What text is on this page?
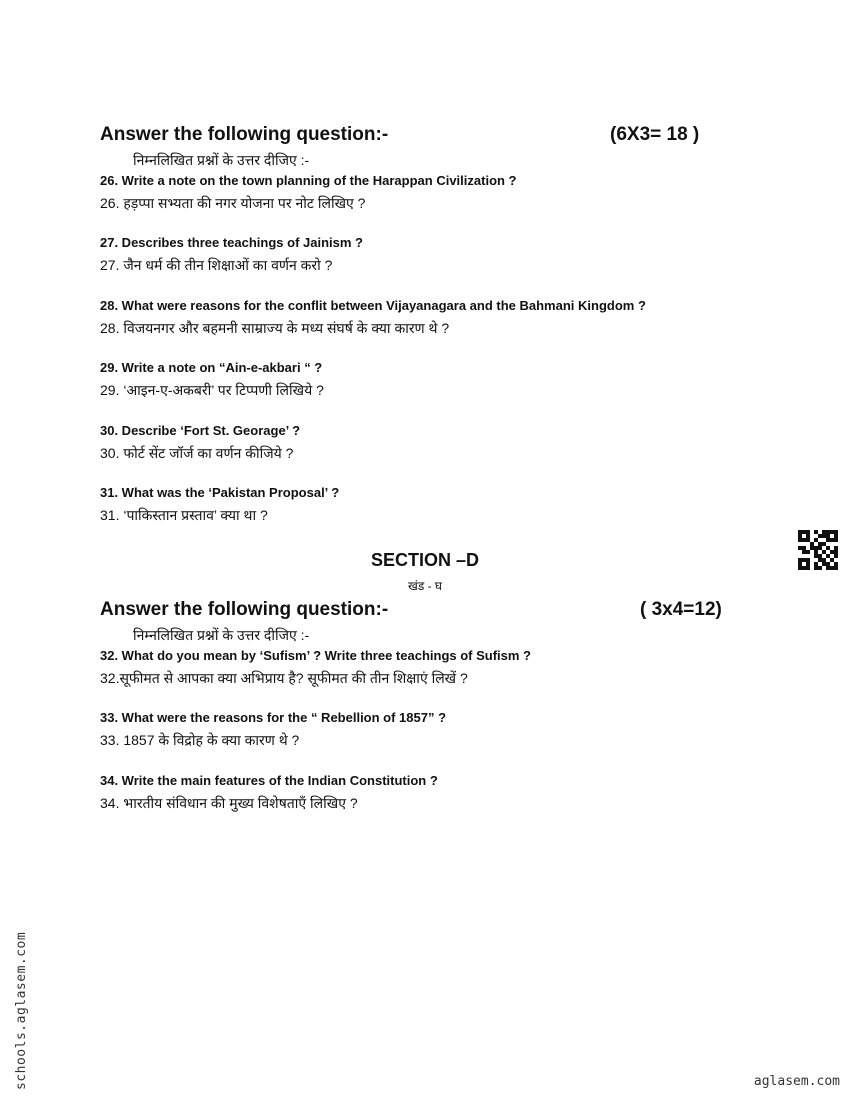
Answer the following question:-	(6X3= 18 )
निम्नलिखित प्रश्नों के उत्तर दीजिए :-
26. Write a note on the town planning of the Harappan Civilization ?
26. हड़प्पा सभ्यता की नगर योजना पर नोट लिखिए ?
27. Describes three teachings of Jainism ?
27. जैन धर्म की तीन शिक्षाओं का वर्णन करो ?
28. What were reasons for the conflit between Vijayanagara and the Bahmani Kingdom ?
28. विजयनगर और बहमनी साम्राज्य के मध्य संघर्ष के क्या कारण थे ?
29. Write a note on “Ain-e-akbari “ ?
29. ‘आइन-ए-अकबरी’ पर टिप्पणी लिखिये ?
30. Describe ‘Fort St. Georage’ ?
30. फोर्ट सेंट जॉर्ज का वर्णन कीजिये ?
31. What was the ‘Pakistan Proposal’ ?
31. ‘पाकिस्तान प्रस्ताव’ क्या था ?
SECTION –D
खंड - घ
Answer the following question:-	( 3x4=12)
निम्नलिखित प्रश्नों के उत्तर दीजिए :-
32. What do you mean by ‘Sufism’ ? Write three teachings of Sufism ?
32.सूफीमत से आपका क्या अभिप्राय है? सूफीमत की तीन शिक्षाएं लिखें ?
33. What were the reasons for the “ Rebellion of 1857” ?
33. 1857 के विद्रोह के क्या कारण थे ?
34. Write the main features of the Indian Constitution ?
34. भारतीय संविधान की मुख्य विशेषताएँ लिखिए ?
schools.aglasem.com	aglasem.com
